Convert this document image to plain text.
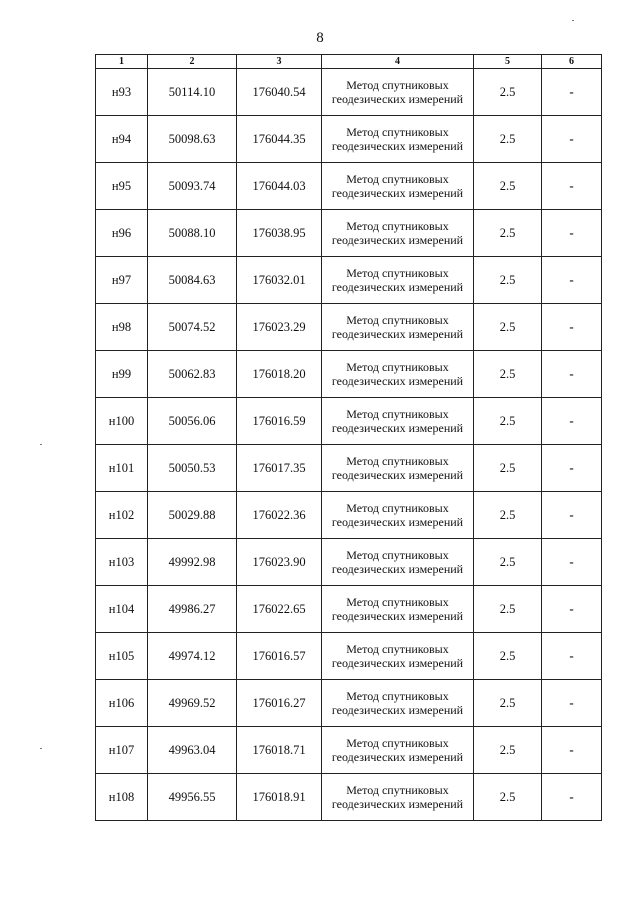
8
1	2	3	4	5	6
н93	50114.10	176040.54	Метод спутниковых геодезических измерений	2.5	-
н94	50098.63	176044.35	Метод спутниковых геодезических измерений	2.5	-
н95	50093.74	176044.03	Метод спутниковых геодезических измерений	2.5	-
н96	50088.10	176038.95	Метод спутниковых геодезических измерений	2.5	-
н97	50084.63	176032.01	Метод спутниковых геодезических измерений	2.5	-
н98	50074.52	176023.29	Метод спутниковых геодезических измерений	2.5	-
н99	50062.83	176018.20	Метод спутниковых геодезических измерений	2.5	-
н100	50056.06	176016.59	Метод спутниковых геодезических измерений	2.5	-
н101	50050.53	176017.35	Метод спутниковых геодезических измерений	2.5	-
н102	50029.88	176022.36	Метод спутниковых геодезических измерений	2.5	-
н103	49992.98	176023.90	Метод спутниковых геодезических измерений	2.5	-
н104	49986.27	176022.65	Метод спутниковых геодезических измерений	2.5	-
н105	49974.12	176016.57	Метод спутниковых геодезических измерений	2.5	-
н106	49969.52	176016.27	Метод спутниковых геодезических измерений	2.5	-
н107	49963.04	176018.71	Метод спутниковых геодезических измерений	2.5	-
н108	49956.55	176018.91	Метод спутниковых геодезических измерений	2.5	-
